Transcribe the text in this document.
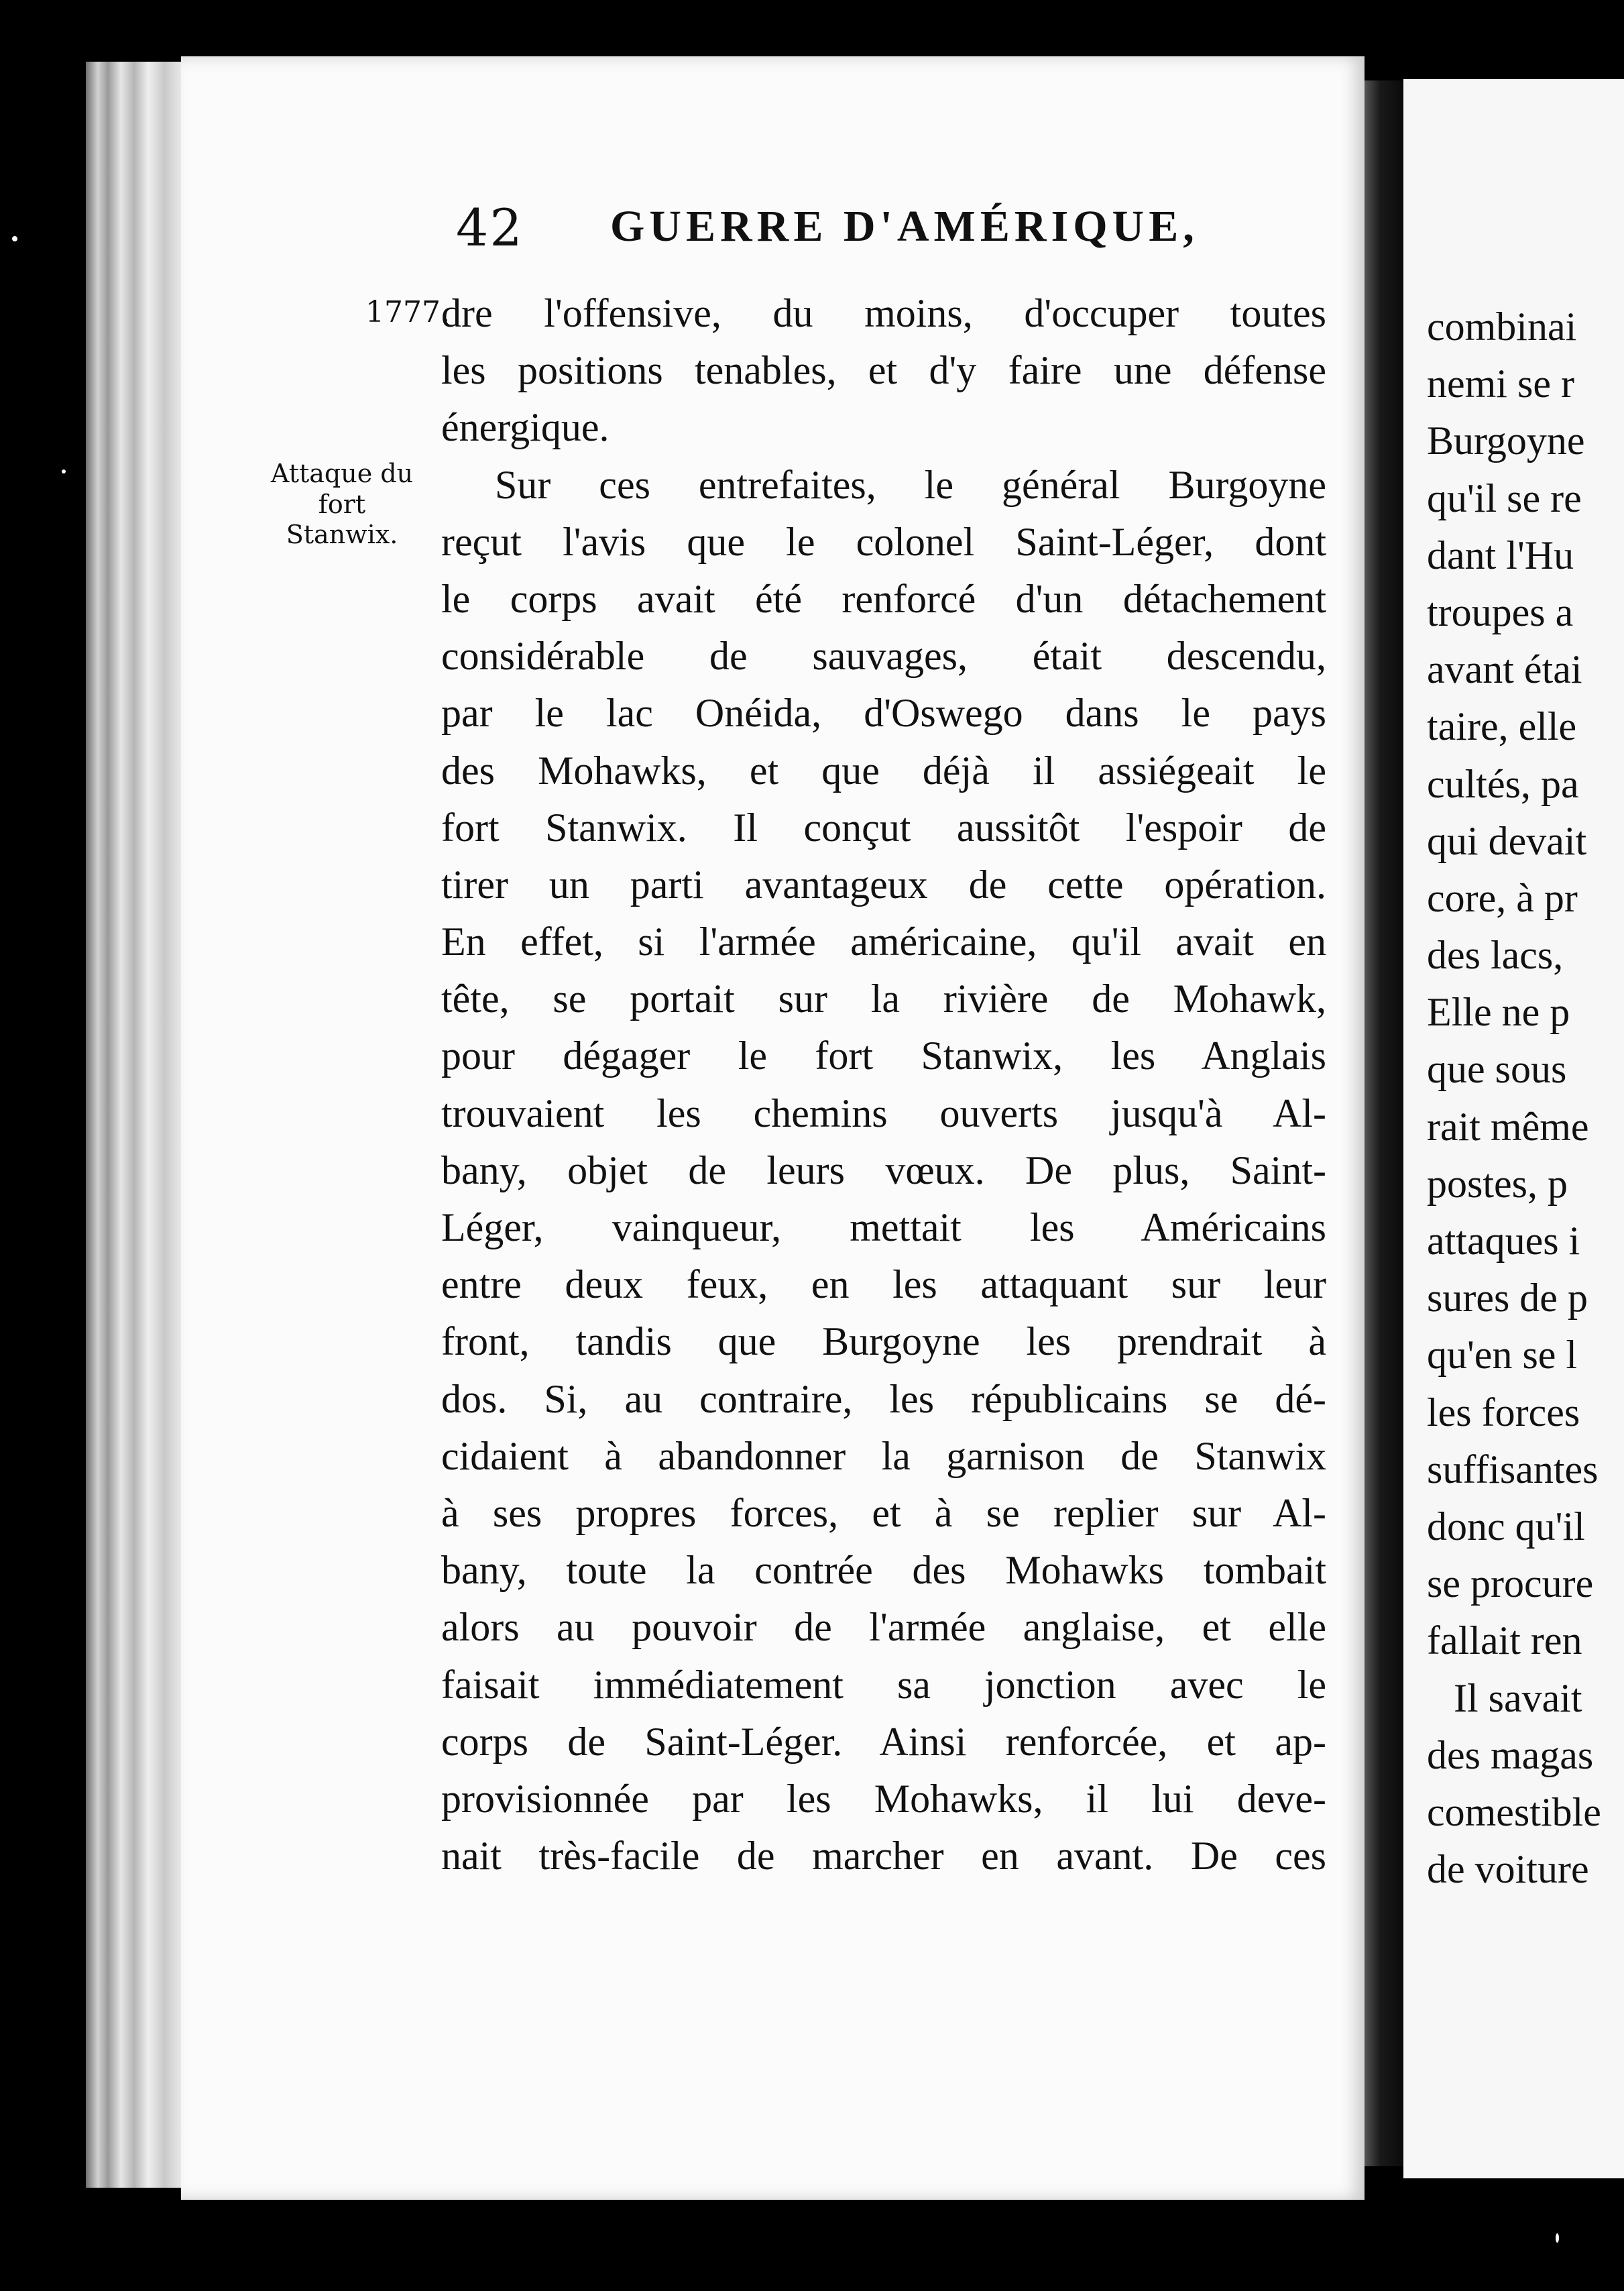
42 GUERRE D'AMÉRIQUE,
1777.
Attaque du
fort
Stanwix.
dre l'offensive, du moins, d'occuper toutes
les positions tenables, et d'y faire une défense
énergique.
Sur ces entrefaites, le général Burgoyne
reçut l'avis que le colonel Saint-Léger, dont
le corps avait été renforcé d'un détachement
considérable de sauvages, était descendu,
par le lac Onéida, d'Oswego dans le pays
des Mohawks, et que déjà il assiégeait le
fort Stanwix. Il conçut aussitôt l'espoir de
tirer un parti avantageux de cette opération.
En effet, si l'armée américaine, qu'il avait en
tête, se portait sur la rivière de Mohawk,
pour dégager le fort Stanwix, les Anglais
trouvaient les chemins ouverts jusqu'à Al-
bany, objet de leurs vœux. De plus, Saint-
Léger, vainqueur, mettait les Américains
entre deux feux, en les attaquant sur leur
front, tandis que Burgoyne les prendrait à
dos. Si, au contraire, les républicains se dé-
cidaient à abandonner la garnison de Stanwix
à ses propres forces, et à se replier sur Al-
bany, toute la contrée des Mohawks tombait
alors au pouvoir de l'armée anglaise, et elle
faisait immédiatement sa jonction avec le
corps de Saint-Léger. Ainsi renforcée, et ap-
provisionnée par les Mohawks, il lui deve-
nait très-facile de marcher en avant. De ces
combinai
nemi se r
Burgoyne
qu'il se re
dant l'Hu
troupes a
avant étai
taire, elle
cultés, pa
qui devait
core, à pr
des lacs,
Elle ne p
que sous
rait même
postes, p
attaques i
sures de p
qu'en se l
les forces
suffisantes
donc qu'il
se procure
fallait ren
Il savait
des magas
comestible
de voiture
